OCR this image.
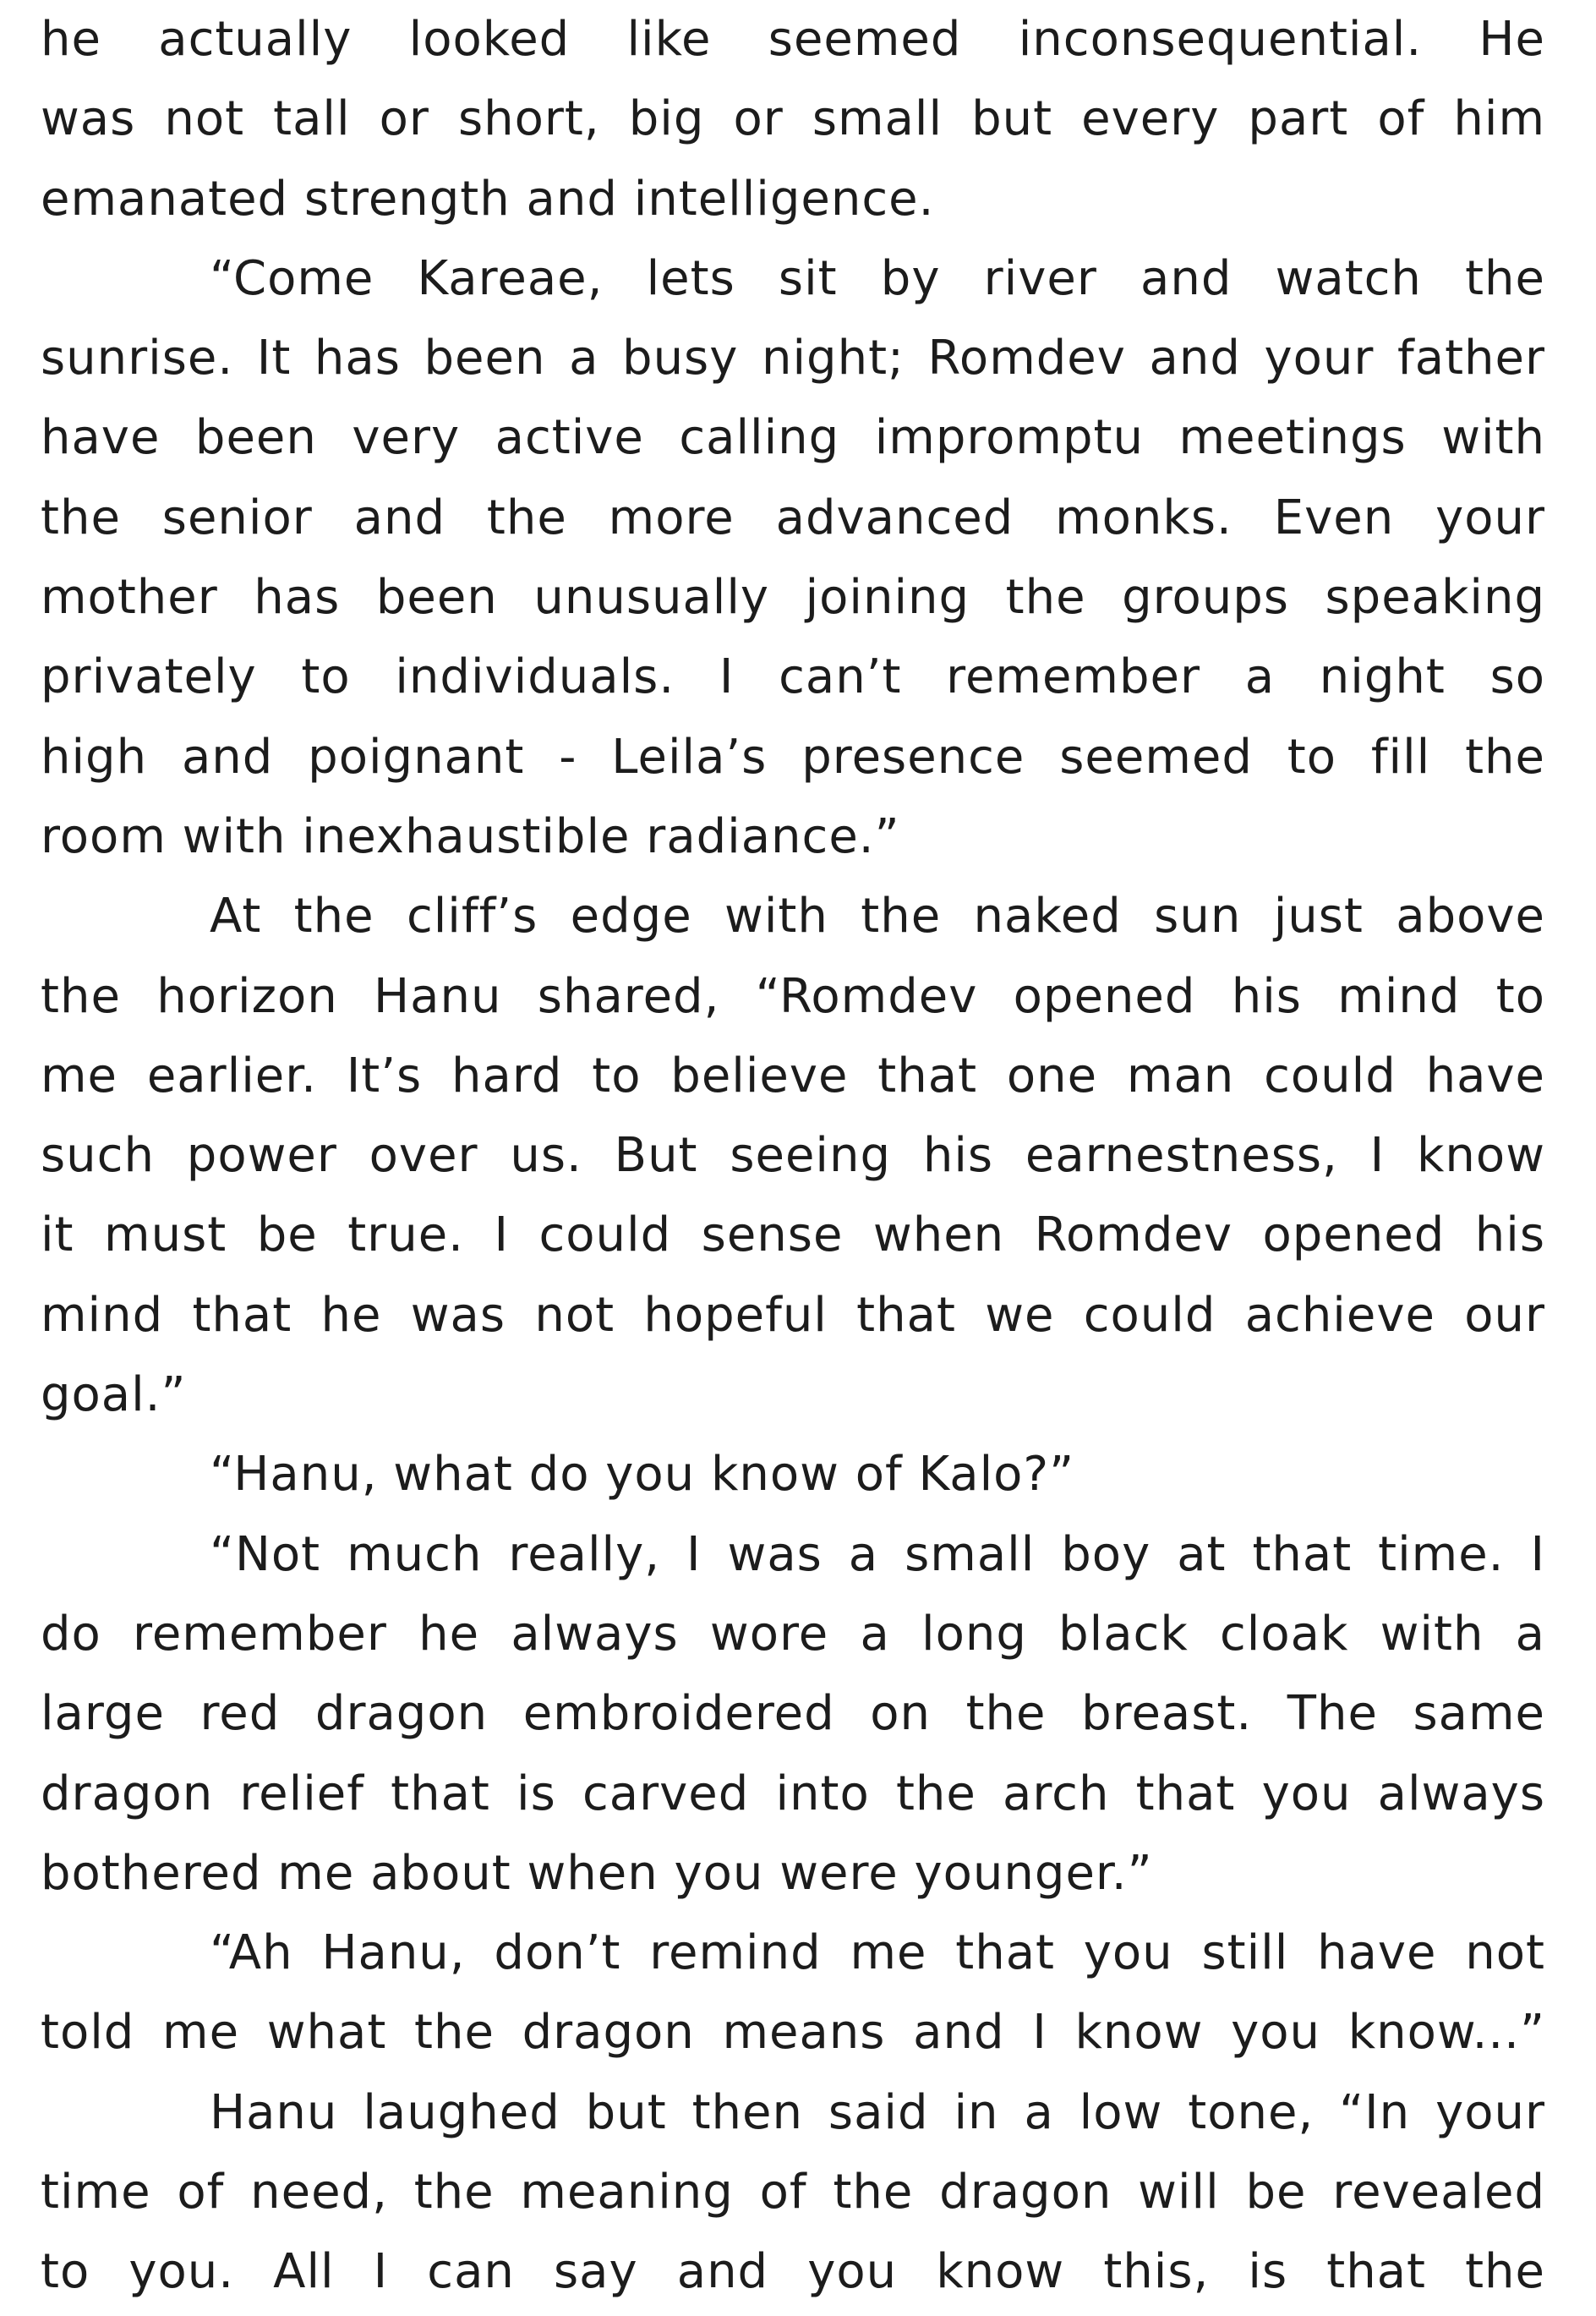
he actually looked like seemed inconsequential. He
was not tall or short, big or small but every part of him
emanated strength and intelligence.
“Come Kareae, lets sit by river and watch the
sunrise. It has been a busy night; Romdev and your father
have been very active calling impromptu meetings with
the senior and the more advanced monks. Even your
mother has been unusually joining the groups speaking
privately to individuals. I can’t remember a night so
high and poignant - Leila’s presence seemed to fill the
room with inexhaustible radiance.”
At the cliff’s edge with the naked sun just above
the horizon Hanu shared, “Romdev opened his mind to
me earlier. It’s hard to believe that one man could have
such power over us. But seeing his earnestness, I know
it must be true. I could sense when Romdev opened his
mind that he was not hopeful that we could achieve our
goal.”
“Hanu, what do you know of Kalo?”
“Not much really, I was a small boy at that time. I
do remember he always wore a long black cloak with a
large red dragon embroidered on the breast. The same
dragon relief that is carved into the arch that you always
bothered me about when you were younger.”
“Ah Hanu, don’t remind me that you still have not
told me what the dragon means and I know you know...”
Hanu laughed but then said in a low tone, “In your
time of need, the meaning of the dragon will be revealed
to you. All I can say and you know this, is that the
